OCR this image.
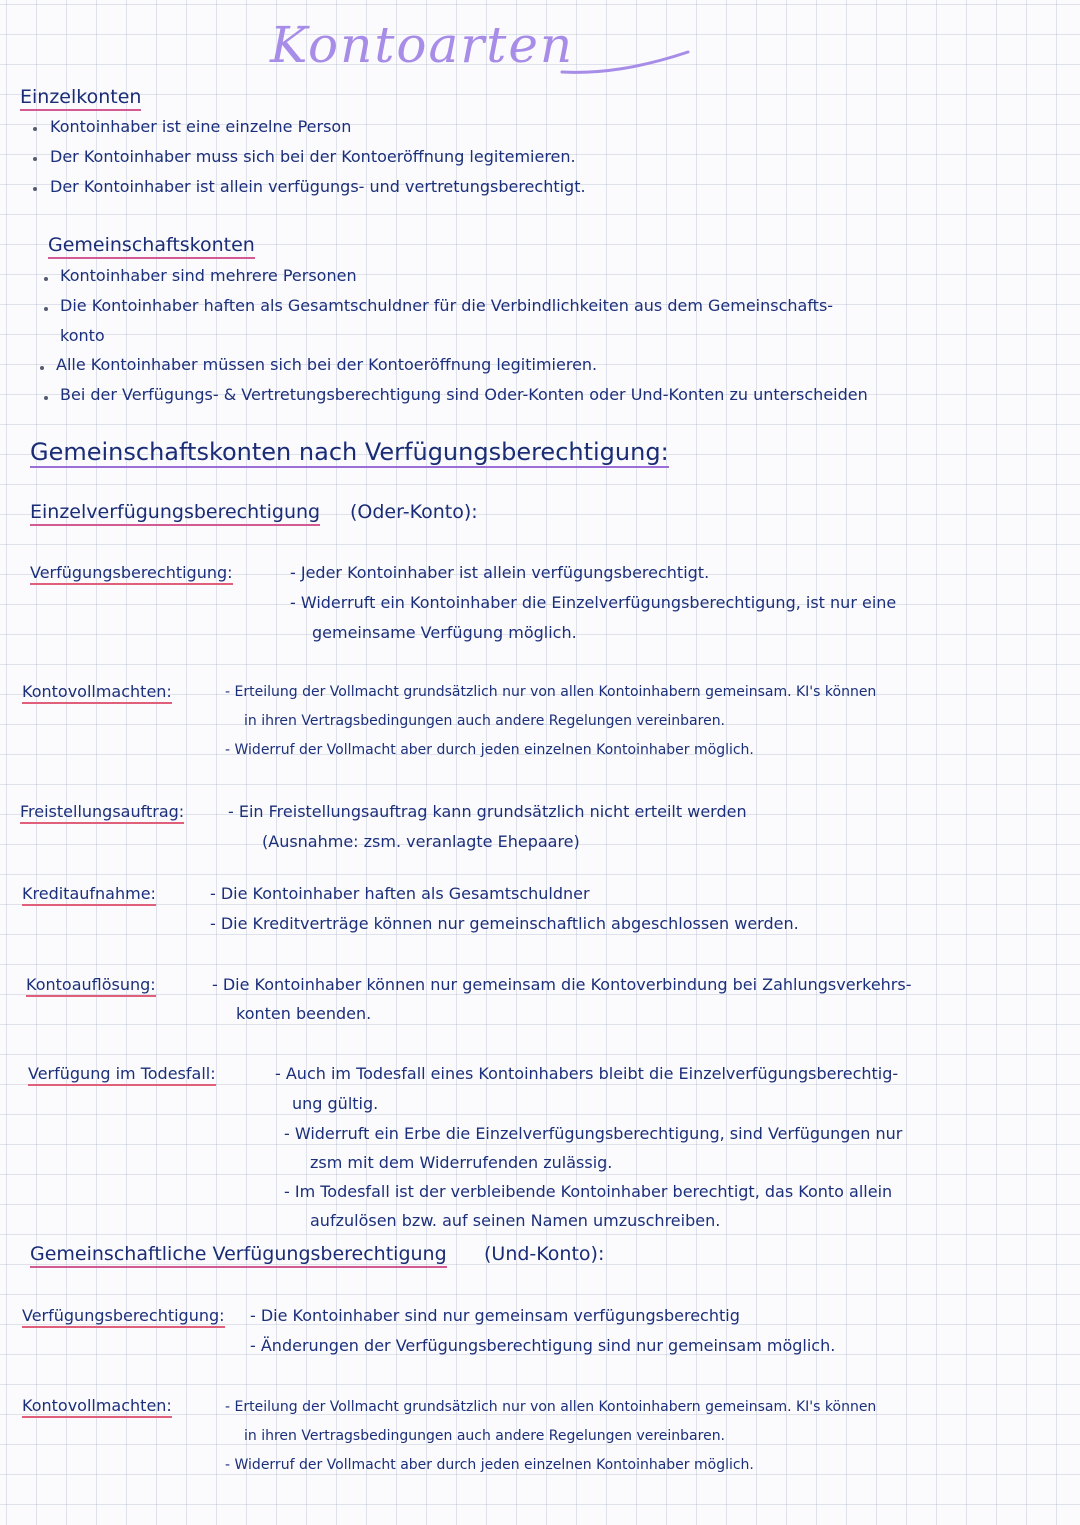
Kontoarten
Einzelkonten
Kontoinhaber ist eine einzelne Person
Der Kontoinhaber muss sich bei der Kontoeröffnung legitemieren.
Der Kontoinhaber ist allein verfügungs- und vertretungsberechtigt.
Gemeinschaftskonten
Kontoinhaber sind mehrere Personen
Die Kontoinhaber haften als Gesamtschuldner für die Verbindlichkeiten aus dem Gemeinschafts-
konto
Alle Kontoinhaber müssen sich bei der Kontoeröffnung legitimieren.
Bei der Verfügungs- & Vertretungsberechtigung sind Oder-Konten oder Und-Konten zu unterscheiden
Gemeinschaftskonten nach Verfügungsberechtigung:
Einzelverfügungsberechtigung (Oder-Konto):
Verfügungsberechtigung:	- Jeder Kontoinhaber ist allein verfügungsberechtigt.
- Widerruft ein Kontoinhaber die Einzelverfügungsberechtigung, ist nur eine
gemeinsame Verfügung möglich.
Kontovollmachten:	- Erteilung der Vollmacht grundsätzlich nur von allen Kontoinhabern gemeinsam. KI's können
in ihren Vertragsbedingungen auch andere Regelungen vereinbaren.
- Widerruf der Vollmacht aber durch jeden einzelnen Kontoinhaber möglich.
Freistellungsauftrag:	- Ein Freistellungsauftrag kann grundsätzlich nicht erteilt werden
(Ausnahme: zsm. veranlagte Ehepaare)
Kreditaufnahme:	- Die Kontoinhaber haften als Gesamtschuldner
- Die Kreditverträge können nur gemeinschaftlich abgeschlossen werden.
Kontoauflösung:	- Die Kontoinhaber können nur gemeinsam die Kontoverbindung bei Zahlungsverkehrs-
konten beenden.
Verfügung im Todesfall:	- Auch im Todesfall eines Kontoinhabers bleibt die Einzelverfügungsberechtig-
ung gültig.
- Widerruft ein Erbe die Einzelverfügungsberechtigung, sind Verfügungen nur
zsm mit dem Widerrufenden zulässig.
- Im Todesfall ist der verbleibende Kontoinhaber berechtigt, das Konto allein
aufzulösen bzw. auf seinen Namen umzuschreiben.
Gemeinschaftliche Verfügungsberechtigung (Und-Konto):
Verfügungsberechtigung: - Die Kontoinhaber sind nur gemeinsam verfügungsberechtig
- Änderungen der Verfügungsberechtigung sind nur gemeinsam möglich.
Kontovollmachten:	- Erteilung der Vollmacht grundsätzlich nur von allen Kontoinhabern gemeinsam. KI's können
in ihren Vertragsbedingungen auch andere Regelungen vereinbaren.
- Widerruf der Vollmacht aber durch jeden einzelnen Kontoinhaber möglich.
